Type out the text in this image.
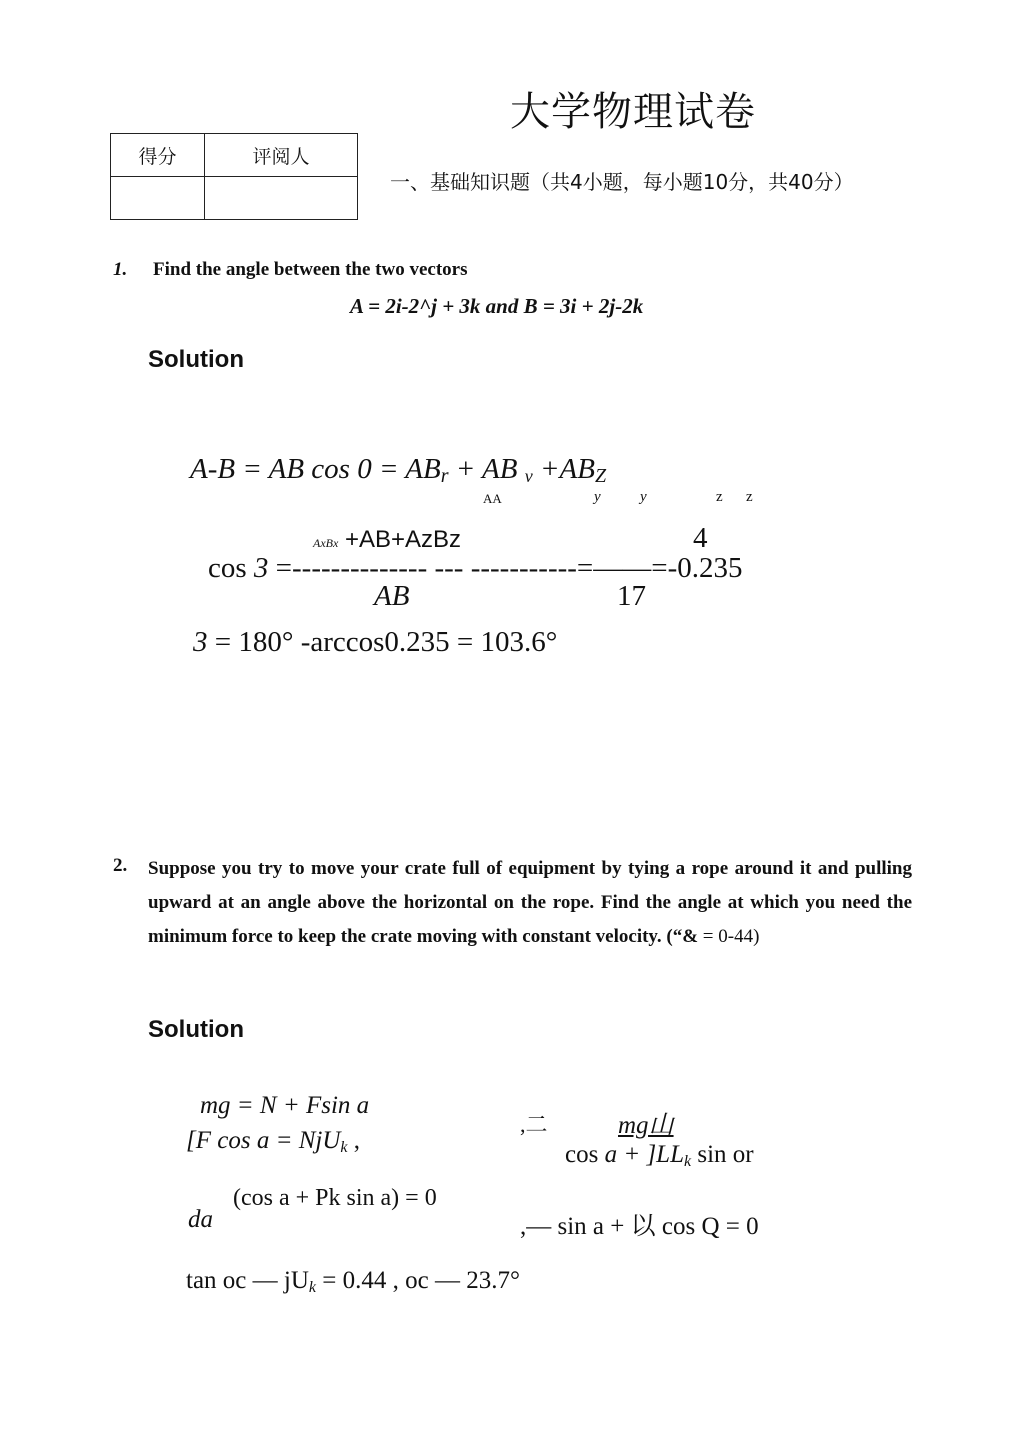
大学物理试卷
得分	评阅人

一、基础知识题（共4小题，每小题10分，共40分）
1. Find the angle between the two vectors
A = 2i-2^j + 3k and B = 3i + 2j-2k
Solution
A-B = AB $\cos 0 = AB_r$ + AB $_v +AB_Z$
AA	y	y	z z
AxBx +AB+AzBz	4
cos 3 =-------------- --- -----------=——=-0.235
AB	17
3 = 180° -arccos0.235 = 103.6°
2. Suppose you try to move your crate full of equipment by tying a rope around it and pulling upward at an angle above the horizontal on the rope. Find the angle at which you need the minimum force to keep the crate moving with constant velocity. (“& = 0-44)
Solution
mg = N + Fsin a
[F cos a = NjU$_k$ ,
,二	mg山
$\cos a + ]LL_k$ sin or
(cos a + Pk sin a) = 0
da	,— sin a + 以 cos Q = 0
tan oc — $jU_k = 0.44$ , oc — 23.7°
